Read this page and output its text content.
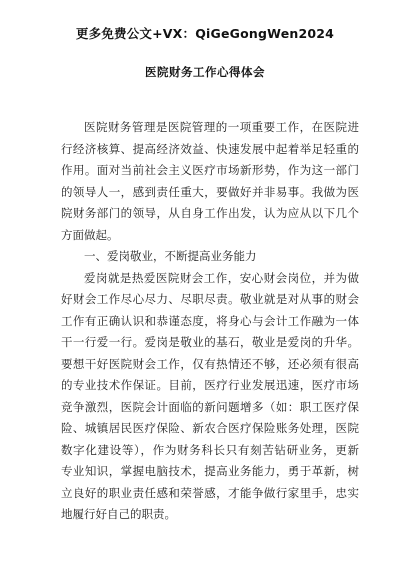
更多免费公文+VX：QiGeGongWen2024
医院财务工作心得体会

医院财务管理是医院管理的一项重要工作，在医院进

行经济核算、提高经济效益、快速发展中起着举足轻重的

作用。面对当前社会主义医疗市场新形势，作为这一部门

的领导人一，感到责任重大，要做好并非易事。我做为医

院财务部门的领导，从自身工作出发，认为应从以下几个

方面做起。

一、爱岗敬业，不断提高业务能力

爱岗就是热爱医院财会工作，安心财会岗位，并为做

好财会工作尽心尽力、尽职尽责。敬业就是对从事的财会

工作有正确认识和恭谨态度，将身心与会计工作融为一体

干一行爱一行。爱岗是敬业的基石，敬业是爱岗的升华。

要想干好医院财会工作，仅有热情还不够，还必须有很高

的专业技术作保证。目前，医疗行业发展迅速，医疗市场

竞争激烈，医院会计面临的新问题增多（如：职工医疗保

险、城镇居民医疗保险、新农合医疗保险账务处理，医院

数字化建设等），作为财务科长只有刻苦钻研业务，更新

专业知识，掌握电脑技术，提高业务能力，勇于革新，树

立良好的职业责任感和荣誉感，才能争做行家里手，忠实

地履行好自己的职责。
